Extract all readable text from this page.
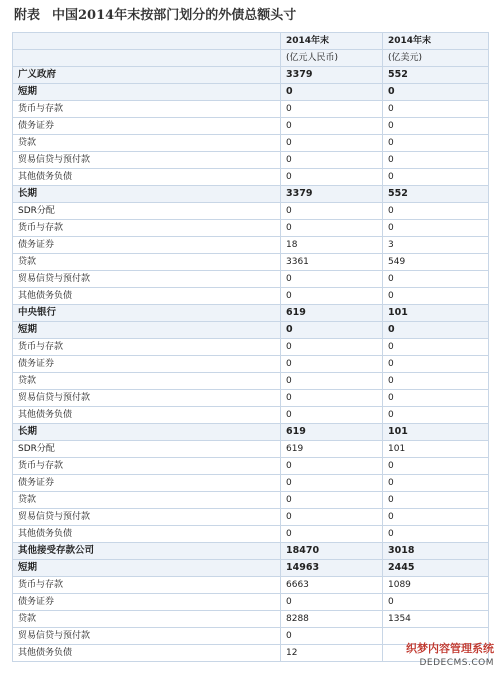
附表 中国2014年末按部门划分的外债总额头寸
	2014年末	2014年末
	(亿元人民币)	(亿美元)
广义政府	3379	552
短期	0	0
货币与存款	0	0
债务证券	0	0
贷款	0	0
贸易信贷与预付款	0	0
其他债务负债	0	0
长期	3379	552
SDR分配	0	0
货币与存款	0	0
债务证券	18	3
贷款	3361	549
贸易信贷与预付款	0	0
其他债务负债	0	0
中央银行	619	101
短期	0	0
货币与存款	0	0
债务证券	0	0
贷款	0	0
贸易信贷与预付款	0	0
其他债务负债	0	0
长期	619	101
SDR分配	619	101
货币与存款	0	0
债务证券	0	0
贷款	0	0
贸易信贷与预付款	0	0
其他债务负债	0	0
其他接受存款公司	18470	3018
短期	14963	2445
货币与存款	6663	1089
债务证券	0	0
贷款	8288	1354
贸易信贷与预付款	0	
其他债务负债	12		织梦内容管理系统
DEDECMS.COM
